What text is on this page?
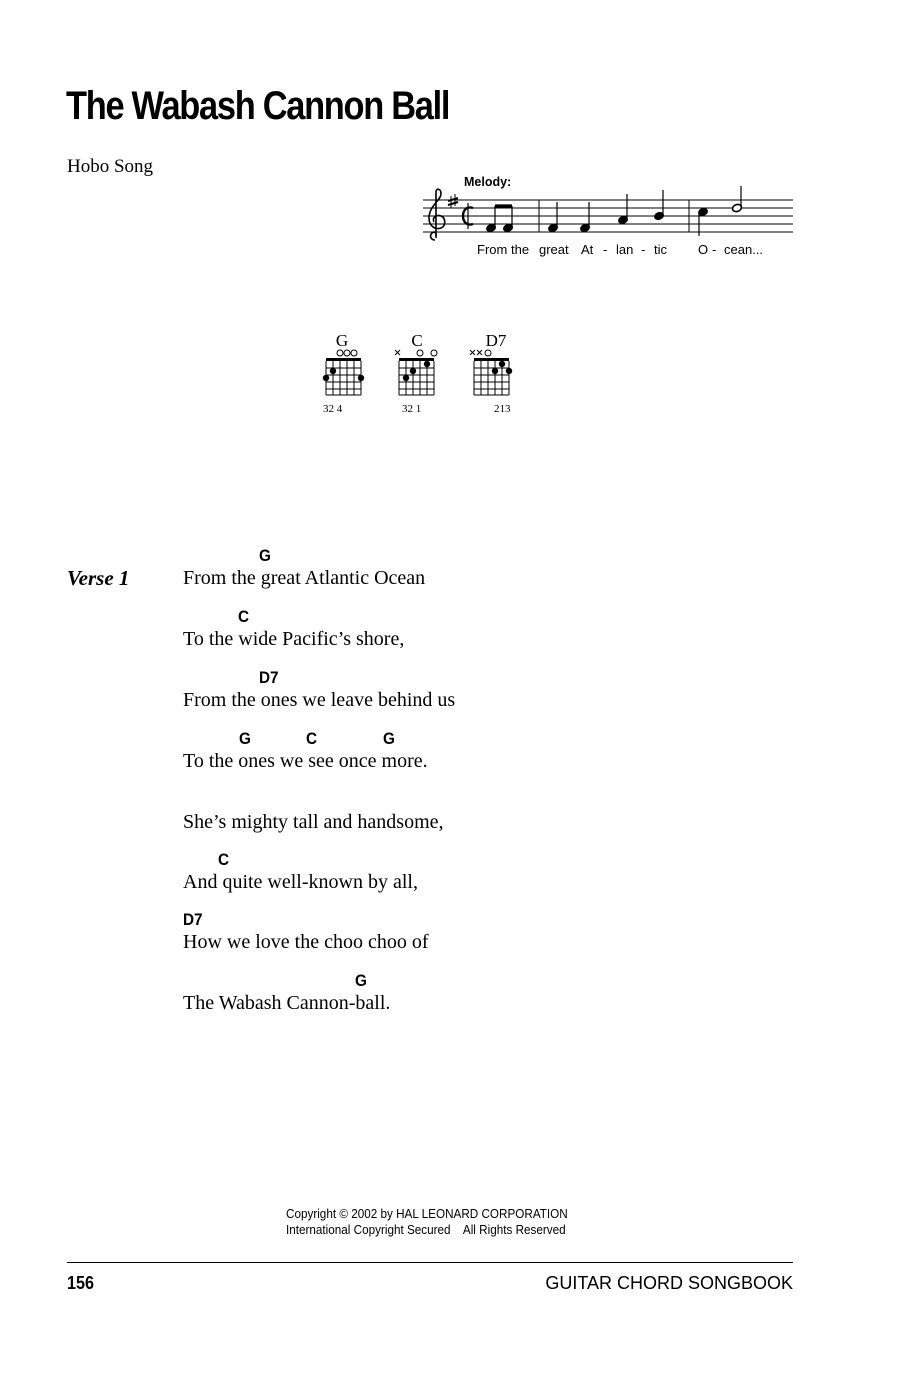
The Wabash Cannon Ball
Hobo Song
Melody:
From the great At - lan - tic O - cean...
G
32 4
C
32 1
D7
213
Verse 1
G
From the great Atlantic Ocean
C
To the wide Pacific’s shore,
D7
From the ones we leave behind us
G	C	G
To the ones we see once more.
She’s mighty tall and handsome,
C
And quite well-known by all,
D7
How we love the choo choo of
G
The Wabash Cannon-ball.
Copyright © 2002 by HAL LEONARD CORPORATION
International Copyright Secured    All Rights Reserved
156	GUITAR CHORD SONGBOOK
